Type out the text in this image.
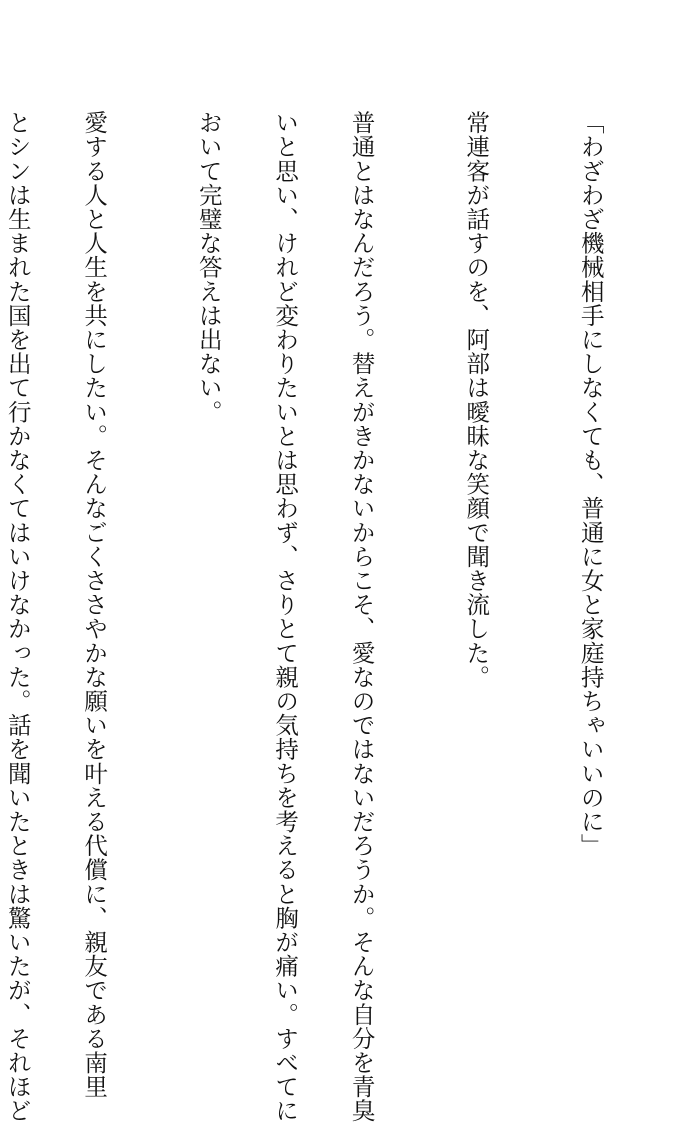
「わざわざ機械相手にしなくても、普通に女と家庭持ちゃいいのに」

常連客が話すのを、阿部は曖昧な笑顔で聞き流した。

普通とはなんだろう。替えがきかないからこそ、愛なのではないだろうか。そんな自分を青臭

いと思い、けれど変わりたいとは思わず、さりとて親の気持ちを考えると胸が痛い。すべてに

おいて完璧な答えは出ない。

愛する人と人生を共にしたい。そんなごくささやかな願いを叶える代償に、親友である南里

とシンは生まれた国を出て行かなくてはいけなかった。話を聞いたときは驚いたが、それほど
